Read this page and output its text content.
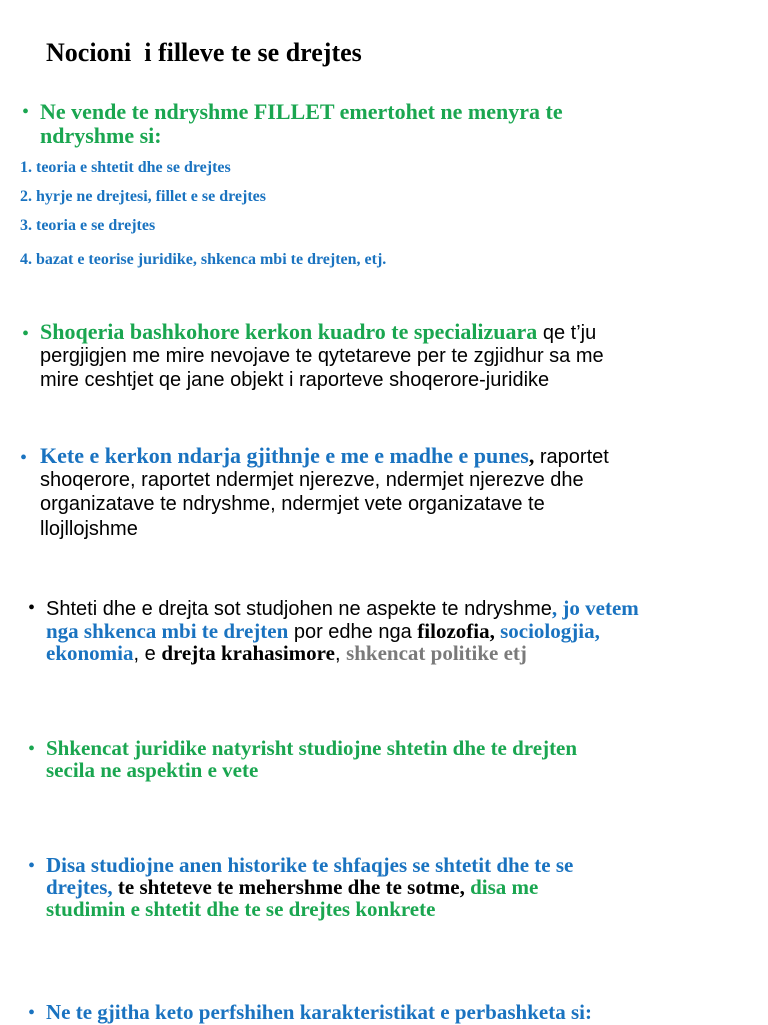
Nocioni  i filleve te se drejtes
• Ne vende te ndryshme FILLET emertohet ne menyra te
ndryshme si:
1. teoria e shtetit dhe se drejtes
2. hyrje ne drejtesi, fillet e se drejtes
3. teoria e se drejtes
4. bazat e teorise juridike, shkenca mbi te drejten, etj.
• Shoqeria bashkohore kerkon kuadro te specializuara qe t’ju
pergjigjen me mire nevojave te qytetareve per te zgjidhur sa me
mire ceshtjet qe jane objekt i raporteve shoqerore-juridike
• Kete e kerkon ndarja gjithnje e me e madhe e punes, raportet
shoqerore, raportet ndermjet njerezve, ndermjet njerezve dhe
organizatave te ndryshme, ndermjet vete organizatave te
llojllojshme
• Shteti dhe e drejta sot studjohen ne aspekte te ndryshme, jo vetem
nga shkenca mbi te drejten por edhe nga filozofia, sociologjia,
ekonomia, e drejta krahasimore, shkencat politike etj
• Shkencat juridike natyrisht studiojne shtetin dhe te drejten
secila ne aspektin e vete
• Disa studiojne anen historike te shfaqjes se shtetit dhe te se
drejtes, te shteteve te mehershme dhe te sotme, disa me
studimin e shtetit dhe te se drejtes konkrete
• Ne te gjitha keto perfshihen karakteristikat e perbashketa si:
